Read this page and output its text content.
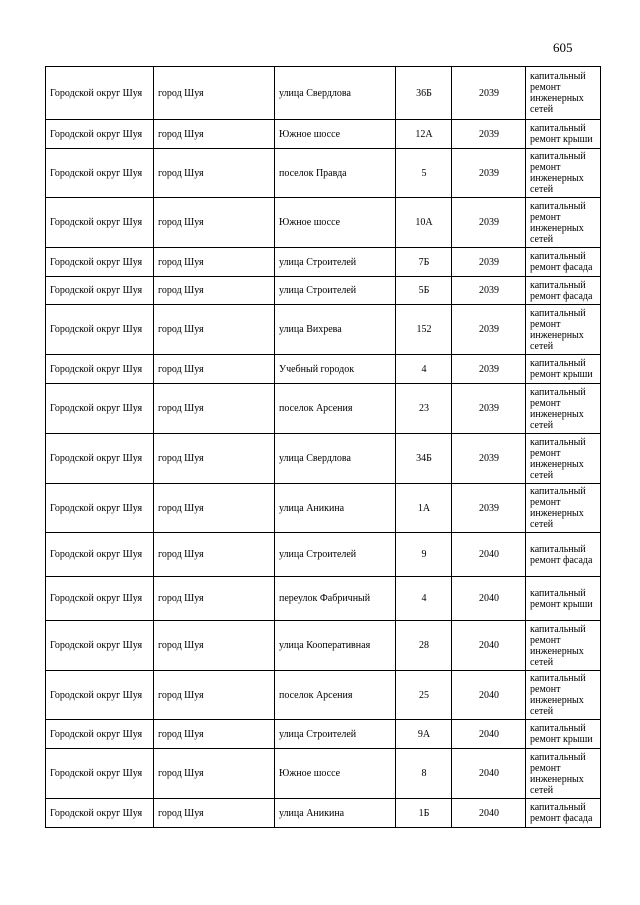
605
Городской округ Шуя	город Шуя	улица Свердлова	36Б	2039	капитальный ремонт инженерных сетей
Городской округ Шуя	город Шуя	Южное шоссе	12А	2039	капитальный ремонт крыши
Городской округ Шуя	город Шуя	поселок Правда	5	2039	капитальный ремонт инженерных сетей
Городской округ Шуя	город Шуя	Южное шоссе	10А	2039	капитальный ремонт инженерных сетей
Городской округ Шуя	город Шуя	улица Строителей	7Б	2039	капитальный ремонт фасада
Городской округ Шуя	город Шуя	улица Строителей	5Б	2039	капитальный ремонт фасада
Городской округ Шуя	город Шуя	улица Вихрева	152	2039	капитальный ремонт инженерных сетей
Городской округ Шуя	город Шуя	Учебный городок	4	2039	капитальный ремонт крыши
Городской округ Шуя	город Шуя	поселок Арсения	23	2039	капитальный ремонт инженерных сетей
Городской округ Шуя	город Шуя	улица Свердлова	34Б	2039	капитальный ремонт инженерных сетей
Городской округ Шуя	город Шуя	улица Аникина	1А	2039	капитальный ремонт инженерных сетей
Городской округ Шуя	город Шуя	улица Строителей	9	2040	капитальный ремонт фасада
Городской округ Шуя	город Шуя	переулок Фабричный	4	2040	капитальный ремонт крыши
Городской округ Шуя	город Шуя	улица Кооперативная	28	2040	капитальный ремонт инженерных сетей
Городской округ Шуя	город Шуя	поселок Арсения	25	2040	капитальный ремонт инженерных сетей
Городской округ Шуя	город Шуя	улица Строителей	9А	2040	капитальный ремонт крыши
Городской округ Шуя	город Шуя	Южное шоссе	8	2040	капитальный ремонт инженерных сетей
Городской округ Шуя	город Шуя	улица Аникина	1Б	2040	капитальный ремонт фасада
